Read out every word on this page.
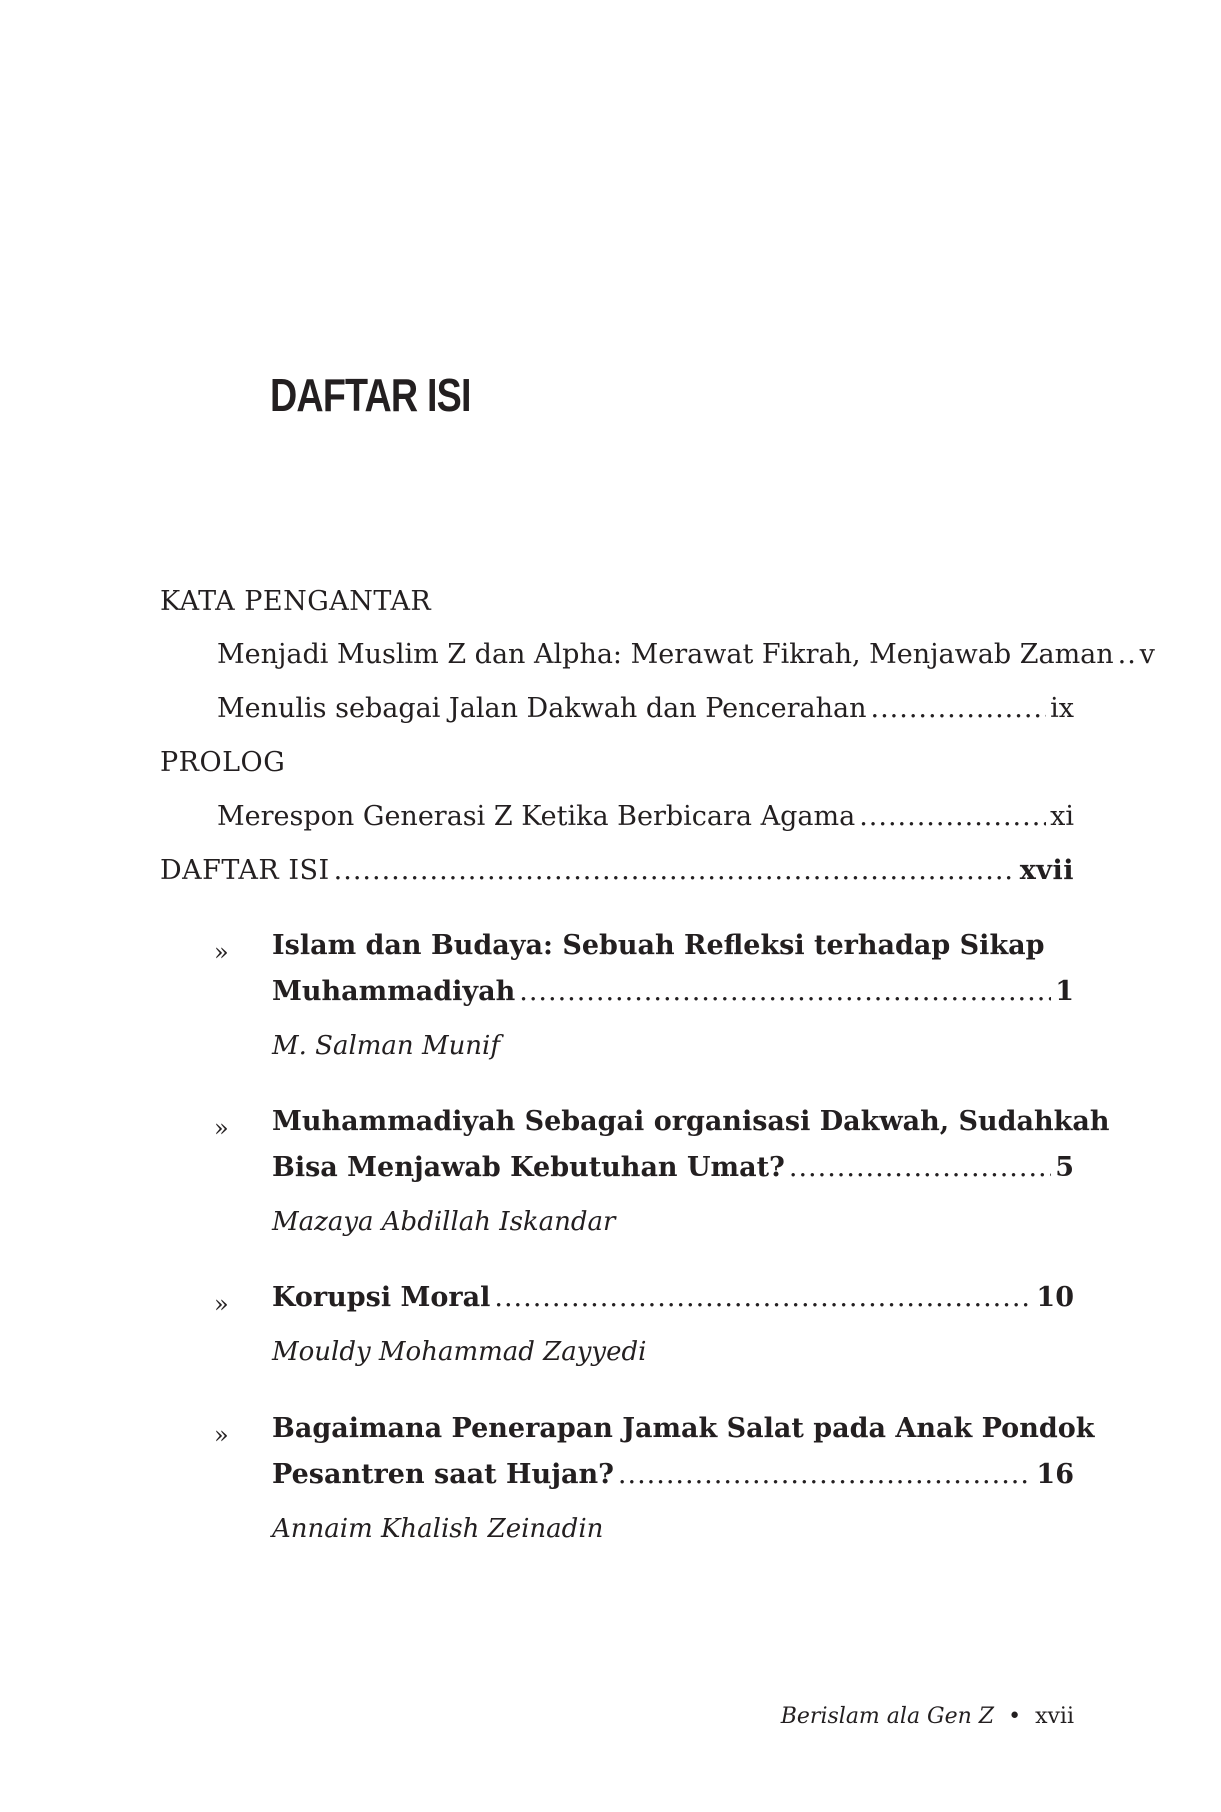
DAFTAR ISI
KATA PENGANTAR
Menjadi Muslim Z dan Alpha: Merawat Fikrah, Menjawab Zaman ..... v
Menulis sebagai Jalan Dakwah dan Pencerahan .....	ix
PROLOG
Merespon Generasi Z Ketika Berbicara Agama .....	xi
DAFTAR ISI .....	xvii
» Islam dan Budaya: Sebuah Refleksi terhadap Sikap
Muhammadiyah .....	1
M. Salman Munif
» Muhammadiyah Sebagai organisasi Dakwah, Sudahkah
Bisa Menjawab Kebutuhan Umat? .....	5
Mazaya Abdillah Iskandar
» Korupsi Moral .....	10
Mouldy Mohammad Zayyedi
» Bagaimana Penerapan Jamak Salat pada Anak Pondok
Pesantren saat Hujan? .....	16
Annaim Khalish Zeinadin
Berislam ala Gen Z • xvii
